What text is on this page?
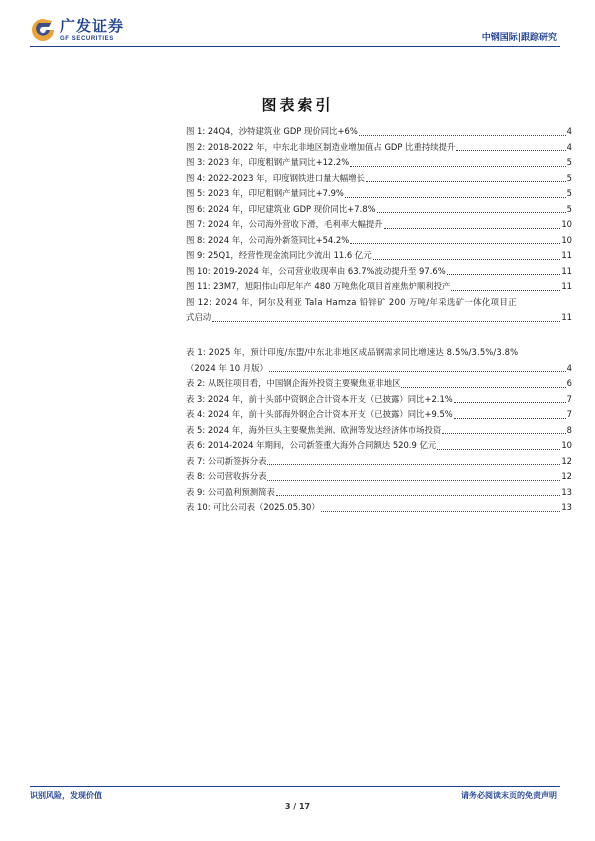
广发证券
GF SECURITIES	中钢国际|跟踪研究
图表索引
图 1: 24Q4，沙特建筑业 GDP 现价同比+6%	4
图 2: 2018-2022 年，中东北非地区制造业增加值占 GDP 比重持续提升	4
图 3: 2023 年，印度粗钢产量同比+12.2%	5
图 4: 2022-2023 年，印度钢铁进口量大幅增长	5
图 5: 2023 年，印尼粗钢产量同比+7.9%	5
图 6: 2024 年，印尼建筑业 GDP 现价同比+7.8%	5
图 7: 2024 年，公司海外营收下滑，毛利率大幅提升	10
图 8: 2024 年，公司海外新签同比+54.2%	10
图 9: 25Q1，经营性现金流同比少流出 11.6 亿元	11
图 10: 2019-2024 年，公司营业收现率由 63.7%波动提升至 97.6%	11
图 11: 23M7，旭阳伟山印尼年产 480 万吨焦化项目首座焦炉顺利投产	11
图 12: 2024 年，阿尔及利亚 Tala Hamza 铅锌矿 200 万吨/年采选矿一体化项目正
式启动	11
表 1: 2025 年，预计印度/东盟/中东北非地区成品钢需求同比增速达 8.5%/3.5%/3.8%
（2024 年 10 月版）	4
表 2: 从既往项目看，中国钢企海外投资主要聚焦亚非地区	6
表 3: 2024 年，前十头部中资钢企合计资本开支（已披露）同比+2.1%	7
表 4: 2024 年，前十头部海外钢企合计资本开支（已披露）同比+9.5%	7
表 5: 2024 年，海外巨头主要聚焦美洲、欧洲等发达经济体市场投资	8
表 6: 2014-2024 年期间，公司新签重大海外合同额达 520.9 亿元	10
表 7: 公司新签拆分表	12
表 8: 公司营收拆分表	12
表 9: 公司盈利预测简表	13
表 10: 可比公司表（2025.05.30）	13
识别风险，发现价值	请务必阅读末页的免责声明
3 / 17
